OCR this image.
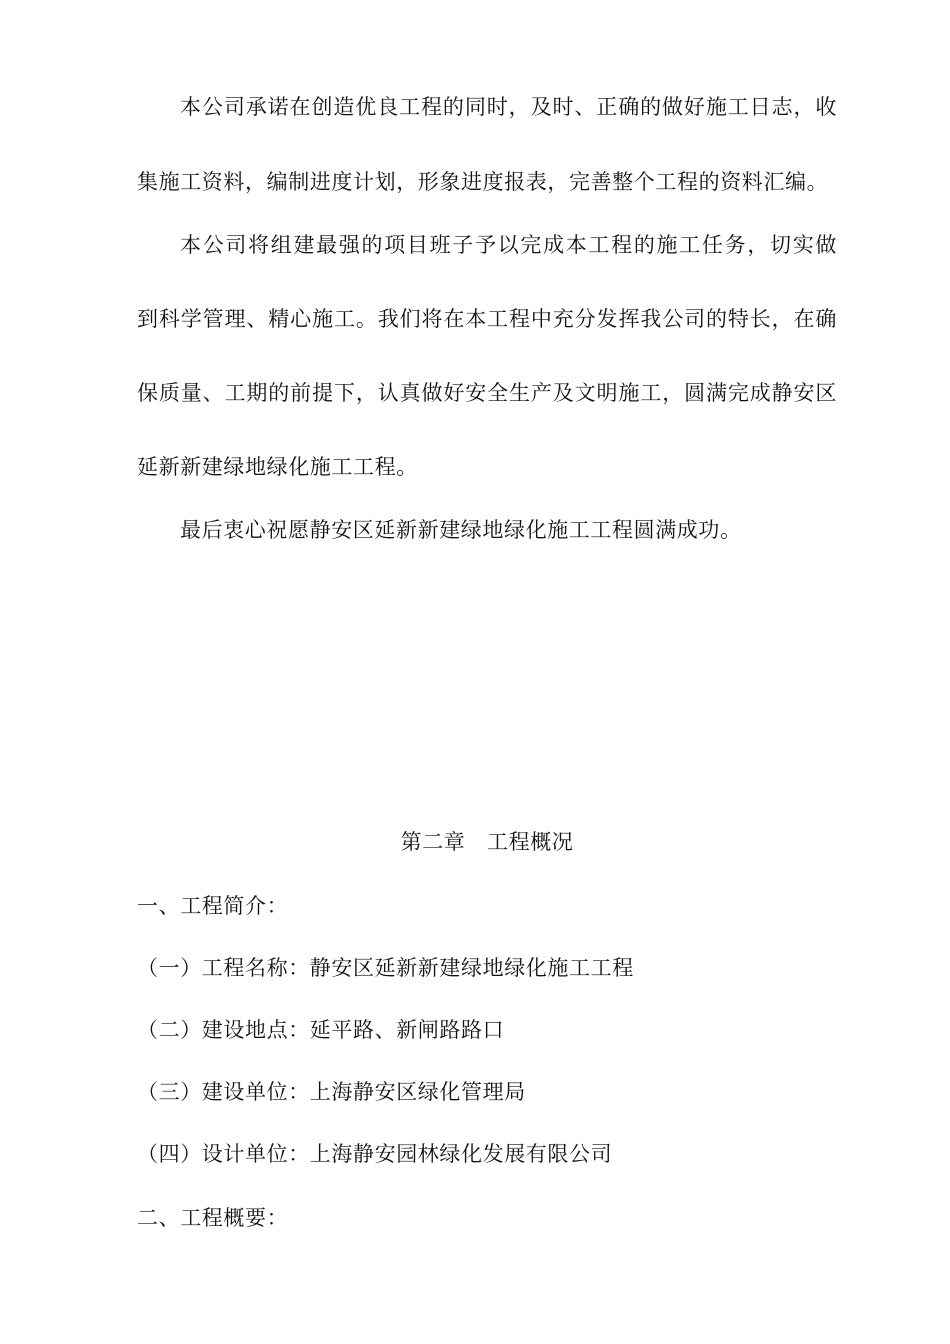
本公司承诺在创造优良工程的同时，及时、正确的做好施工日志，收
集施工资料，编制进度计划，形象进度报表，完善整个工程的资料汇编。
本公司将组建最强的项目班子予以完成本工程的施工任务，切实做
到科学管理、精心施工。我们将在本工程中充分发挥我公司的特长，在确
保质量、工期的前提下，认真做好安全生产及文明施工，圆满完成静安区
延新新建绿地绿化施工工程。
最后衷心祝愿静安区延新新建绿地绿化施工工程圆满成功。
第二章　工程概况
一、工程简介：
（一）工程名称：静安区延新新建绿地绿化施工工程
（二）建设地点：延平路、新闸路路口
（三）建设单位：上海静安区绿化管理局
（四）设计单位：上海静安园林绿化发展有限公司
二、工程概要：
